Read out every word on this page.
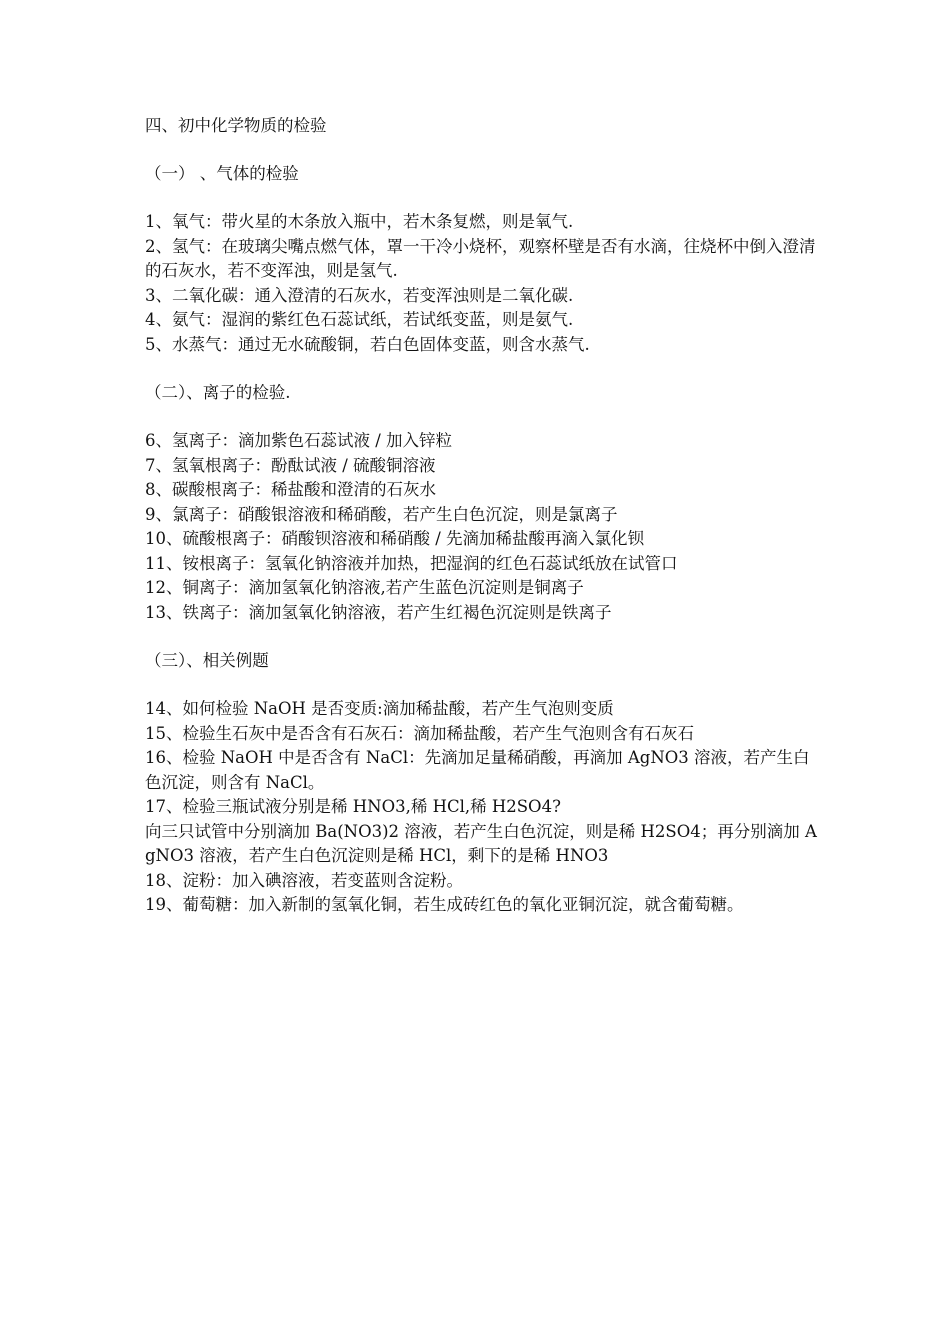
四、初中化学物质的检验
（一） 、气体的检验

1、氧气：带火星的木条放入瓶中，若木条复燃，则是氧气.

2、氢气：在玻璃尖嘴点燃气体，罩一干冷小烧杯，观察杯壁是否有水滴，往烧杯中倒入澄清的石灰水，若不变浑浊，则是氢气.

3、二氧化碳：通入澄清的石灰水，若变浑浊则是二氧化碳.

4、氨气：湿润的紫红色石蕊试纸，若试纸变蓝，则是氨气.

5、水蒸气：通过无水硫酸铜，若白色固体变蓝，则含水蒸气.

（二）、离子的检验.

6、氢离子：滴加紫色石蕊试液 / 加入锌粒

7、氢氧根离子：酚酞试液 / 硫酸铜溶液

8、碳酸根离子：稀盐酸和澄清的石灰水

9、氯离子：硝酸银溶液和稀硝酸，若产生白色沉淀，则是氯离子

10、硫酸根离子：硝酸钡溶液和稀硝酸 / 先滴加稀盐酸再滴入氯化钡

11、铵根离子：氢氧化钠溶液并加热，把湿润的红色石蕊试纸放在试管口

12、铜离子：滴加氢氧化钠溶液,若产生蓝色沉淀则是铜离子

13、铁离子：滴加氢氧化钠溶液，若产生红褐色沉淀则是铁离子

（三）、相关例题

14、如何检验 NaOH 是否变质:滴加稀盐酸，若产生气泡则变质

15、检验生石灰中是否含有石灰石：滴加稀盐酸，若产生气泡则含有石灰石

16、检验 NaOH 中是否含有 NaCl：先滴加足量稀硝酸，再滴加 AgNO3 溶液，若产生白色沉淀，则含有 NaCl。

17、检验三瓶试液分别是稀 HNO3,稀 HCl,稀 H2SO4?

向三只试管中分别滴加 Ba(NO3)2 溶液，若产生白色沉淀，则是稀 H2SO4；再分别滴加 AgNO3 溶液，若产生白色沉淀则是稀 HCl，剩下的是稀 HNO3

18、淀粉：加入碘溶液，若变蓝则含淀粉。

19、葡萄糖：加入新制的氢氧化铜，若生成砖红色的氧化亚铜沉淀，就含葡萄糖。
